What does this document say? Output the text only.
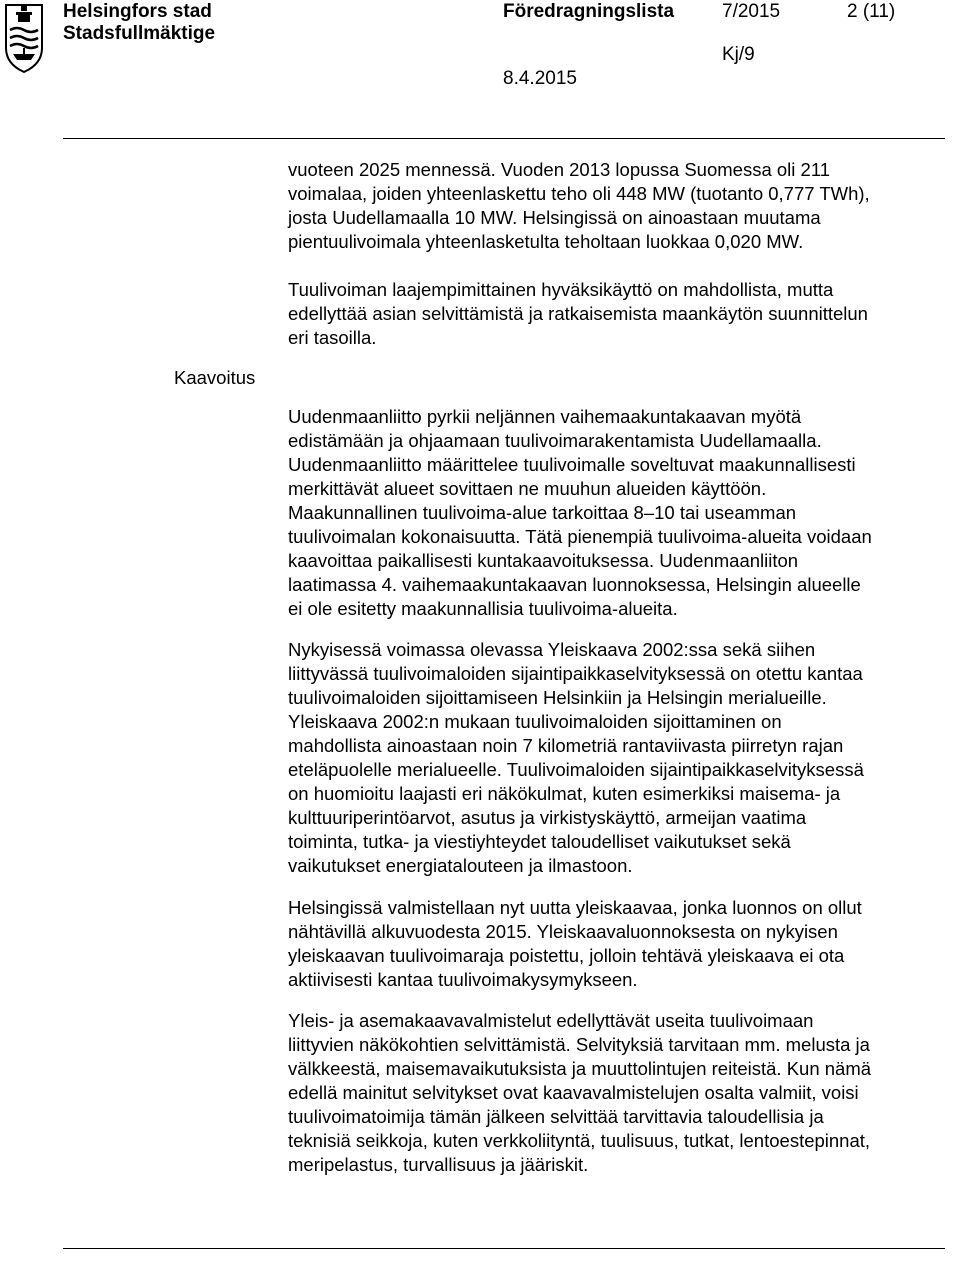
Helsingfors stad
Stadsfullmäktige
Föredragningslista	7/2015	2 (11)
Kj/9
8.4.2015
Kaavoitus
vuoteen 2025 mennessä. Vuoden 2013 lopussa Suomessa oli 211
voimalaa, joiden yhteenlaskettu teho oli 448 MW (tuotanto 0,777 TWh),
josta Uudellamaalla 10 MW. Helsingissä on ainoastaan muutama
pientuulivoimala yhteenlasketulta teholtaan luokkaa 0,020 MW.
Tuulivoiman laajempimittainen hyväksikäyttö on mahdollista, mutta
edellyttää asian selvittämistä ja ratkaisemista maankäytön suunnittelun
eri tasoilla.
Uudenmaanliitto pyrkii neljännen vaihemaakuntakaavan myötä
edistämään ja ohjaamaan tuulivoimarakentamista Uudellamaalla.
Uudenmaanliitto määrittelee tuulivoimalle soveltuvat maakunnallisesti
merkittävät alueet sovittaen ne muuhun alueiden käyttöön.
Maakunnallinen tuulivoima-alue tarkoittaa 8–10 tai useamman
tuulivoimalan kokonaisuutta. Tätä pienempiä tuulivoima-alueita voidaan
kaavoittaa paikallisesti kuntakaavoituksessa. Uudenmaanliiton
laatimassa 4. vaihemaakuntakaavan luonnoksessa, Helsingin alueelle
ei ole esitetty maakunnallisia tuulivoima-alueita.
Nykyisessä voimassa olevassa Yleiskaava 2002:ssa sekä siihen
liittyvässä tuulivoimaloiden sijaintipaikkaselvityksessä on otettu kantaa
tuulivoimaloiden sijoittamiseen Helsinkiin ja Helsingin merialueille.
Yleiskaava 2002:n mukaan tuulivoimaloiden sijoittaminen on
mahdollista ainoastaan noin 7 kilometriä rantaviivasta piirretyn rajan
eteläpuolelle merialueelle. Tuulivoimaloiden sijaintipaikkaselvityksessä
on huomioitu laajasti eri näkökulmat, kuten esimerkiksi maisema- ja
kulttuuriperintöarvot, asutus ja virkistyskäyttö, armeijan vaatima
toiminta, tutka- ja viestiyhteydet taloudelliset vaikutukset sekä
vaikutukset energiatalouteen ja ilmastoon.
Helsingissä valmistellaan nyt uutta yleiskaavaa, jonka luonnos on ollut
nähtävillä alkuvuodesta 2015. Yleiskaavaluonnoksesta on nykyisen
yleiskaavan tuulivoimaraja poistettu, jolloin tehtävä yleiskaava ei ota
aktiivisesti kantaa tuulivoimakysymykseen.
Yleis- ja asemakaavavalmistelut edellyttävät useita tuulivoimaan
liittyvien näkökohtien selvittämistä. Selvityksiä tarvitaan mm. melusta ja
välkkeestä, maisemavaikutuksista ja muuttolintujen reiteistä. Kun nämä
edellä mainitut selvitykset ovat kaavavalmistelujen osalta valmiit, voisi
tuulivoimatoimija tämän jälkeen selvittää tarvittavia taloudellisia ja
teknisiä seikkoja, kuten verkkoliityntä, tuulisuus, tutkat, lentoestepinnat,
meripelastus, turvallisuus ja jääriskit.
